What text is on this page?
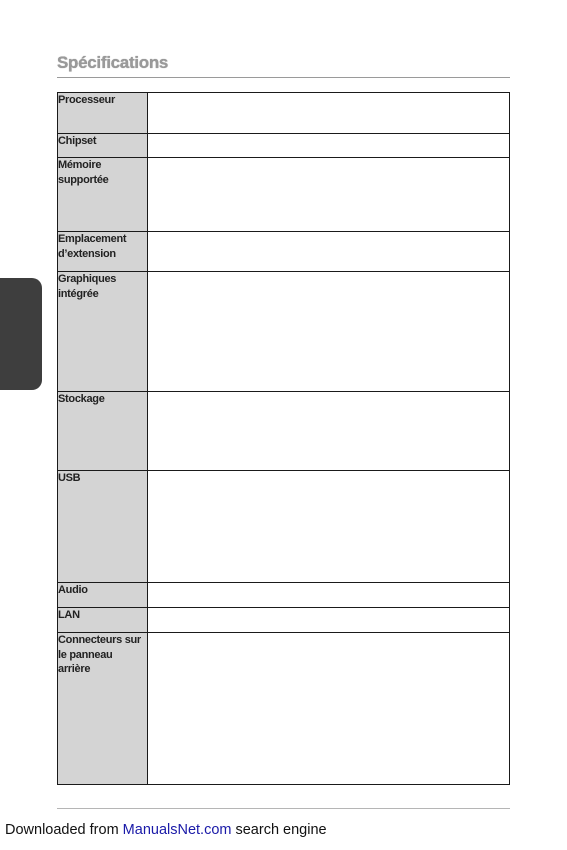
Spécifications
Processeur	
Chipset	
Mémoire supportée	
Emplacement d’extension	
Graphiques intégrée	
Stockage	
USB	
Audio	
LAN	
Connecteurs sur le panneau arrière	
Downloaded from ManualsNet.com search engine
